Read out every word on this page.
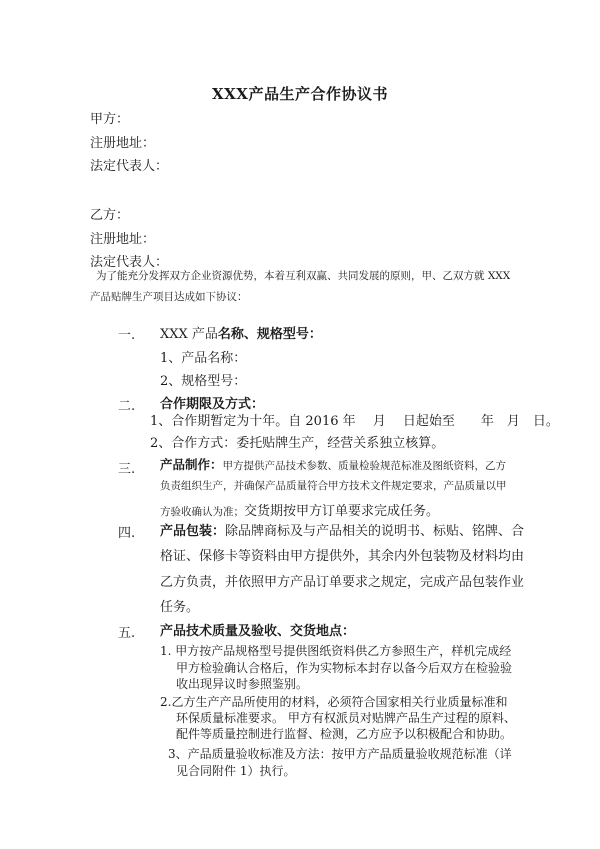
XXX产品生产合作协议书
甲方：
注册地址：
法定代表人：
乙方：
注册地址：
法定代表人：
为了能充分发挥双方企业资源优势，本着互利双赢、共同发展的原则，甲、乙双方就 XXX
产品贴牌生产项目达成如下协议：
一. XXX 产品名称、规格型号：
1、产品名称：
2、规格型号：
二. 合作期限及方式：
1、合作期暂定为十年。自 2016 年　 月　 日起始至　　年　月　日。
2、合作方式：委托贴牌生产，经营关系独立核算。
三. 产品制作：甲方提供产品技术参数、质量检验规范标准及图纸资料，乙方
负责组织生产，并确保产品质量符合甲方技术文件规定要求，产品质量以甲
方验收确认为准；交货期按甲方订单要求完成任务。
四. 产品包装：除品牌商标及与产品相关的说明书、标贴、铭牌、合
格证、保修卡等资料由甲方提供外，其余内外包装物及材料均由
乙方负责，并依照甲方产品订单要求之规定，完成产品包装作业
任务。
五. 产品技术质量及验收、交货地点：
1. 甲方按产品规格型号提供图纸资料供乙方参照生产，样机完成经
甲方检验确认合格后，作为实物标本封存以备今后双方在检验验
收出现异议时参照鉴别。
2.乙方生产产品所使用的材料，必须符合国家相关行业质量标准和
环保质量标准要求。 甲方有权派员对贴牌产品生产过程的原料、
配件等质量控制进行监督、检测，乙方应予以积极配合和协助。
3、产品质量验收标准及方法：按甲方产品质量验收规范标准（详
见合同附件 1）执行。
